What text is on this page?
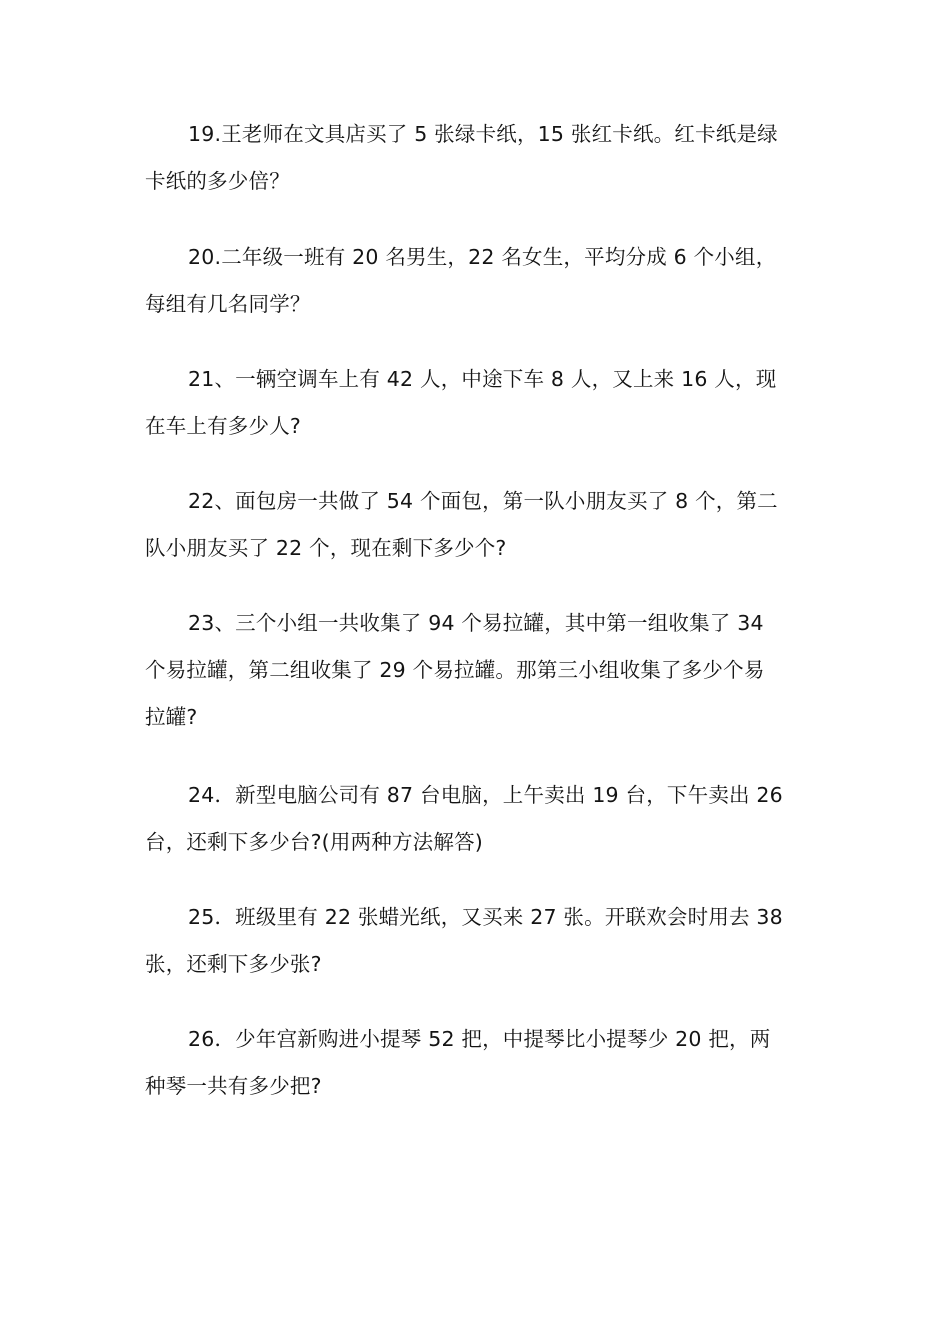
19.王老师在文具店买了 5 张绿卡纸，15 张红卡纸。红卡纸是绿
卡纸的多少倍？
20.二年级一班有 20 名男生，22 名女生，平均分成 6 个小组，
每组有几名同学？
21、一辆空调车上有 42 人，中途下车 8 人，又上来 16 人，现
在车上有多少人?
22、面包房一共做了 54 个面包，第一队小朋友买了 8 个，第二
队小朋友买了 22 个，现在剩下多少个?
23、三个小组一共收集了 94 个易拉罐，其中第一组收集了 34
个易拉罐，第二组收集了 29 个易拉罐。那第三小组收集了多少个易
拉罐?
24．新型电脑公司有 87 台电脑，上午卖出 19 台，下午卖出 26
台，还剩下多少台?(用两种方法解答)
25．班级里有 22 张蜡光纸，又买来 27 张。开联欢会时用去 38
张，还剩下多少张?
26．少年宫新购进小提琴 52 把，中提琴比小提琴少 20 把，两
种琴一共有多少把?
